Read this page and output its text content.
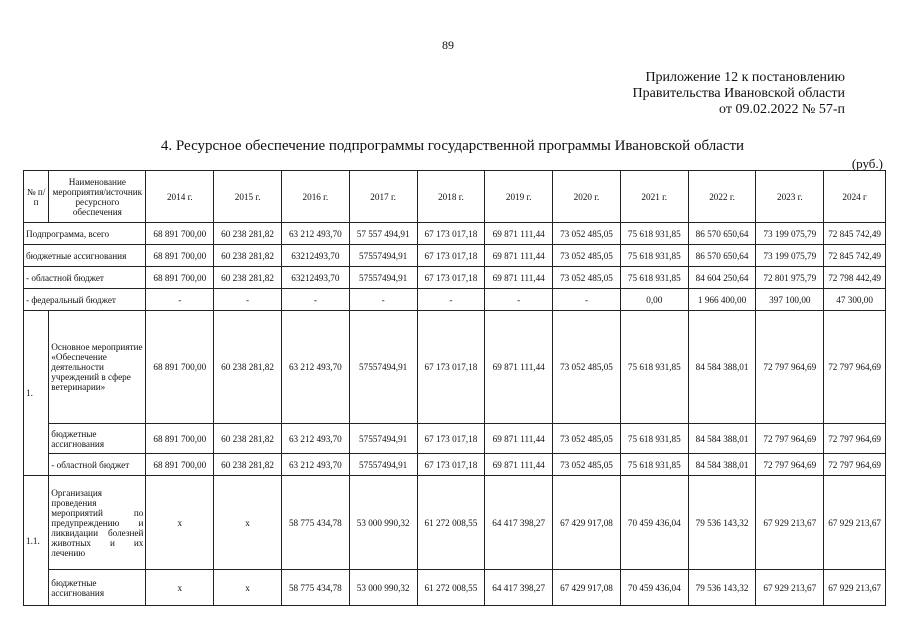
89
Приложение 12 к постановлению
Правительства Ивановской области
от 09.02.2022 № 57-п
4. Ресурсное обеспечение подпрограммы государственной программы Ивановской области
(руб.)
№ п/п	Наименование мероприятия/источник ресурсного обеспечения	2014 г.	2015 г.	2016 г.	2017 г.	2018 г.	2019 г.	2020 г.	2021 г.	2022 г.	2023 г.	2024 г
Подпрограмма, всего		68 891 700,00	60 238 281,82	63 212 493,70	57 557 494,91	67 173 017,18	69 871 111,44	73 052 485,05	75 618 931,85	86 570 650,64	73 199 075,79	72 845 742,49
бюджетные ассигнования		68 891 700,00	60 238 281,82	63212493,70	57557494,91	67 173 017,18	69 871 111,44	73 052 485,05	75 618 931,85	86 570 650,64	73 199 075,79	72 845 742,49
- областной бюджет		68 891 700,00	60 238 281,82	63212493,70	57557494,91	67 173 017,18	69 871 111,44	73 052 485,05	75 618 931,85	84 604 250,64	72 801 975,79	72 798 442,49
- федеральный бюджет		-	-	-	-	-	-	-	0,00	1 966 400,00	397 100,00	47 300,00
1.	Основное мероприятие «Обеспечение деятельности учреждений в сфере ветеринарии»	68 891 700,00	60 238 281,82	63 212 493,70	57557494,91	67 173 017,18	69 871 111,44	73 052 485,05	75 618 931,85	84 584 388,01	72 797 964,69	72 797 964,69
	бюджетные ассигнования	68 891 700,00	60 238 281,82	63 212 493,70	57557494,91	67 173 017,18	69 871 111,44	73 052 485,05	75 618 931,85	84 584 388,01	72 797 964,69	72 797 964,69
	- областной бюджет	68 891 700,00	60 238 281,82	63 212 493,70	57557494,91	67 173 017,18	69 871 111,44	73 052 485,05	75 618 931,85	84 584 388,01	72 797 964,69	72 797 964,69
1.1.	Организация проведения мероприятий по предупреждению и ликвидации болезней животных и их лечению	х	х	58 775 434,78	53 000 990,32	61 272 008,55	64 417 398,27	67 429 917,08	70 459 436,04	79 536 143,32	67 929 213,67	67 929 213,67
	бюджетные ассигнования	х	х	58 775 434,78	53 000 990,32	61 272 008,55	64 417 398,27	67 429 917,08	70 459 436,04	79 536 143,32	67 929 213,67	67 929 213,67
